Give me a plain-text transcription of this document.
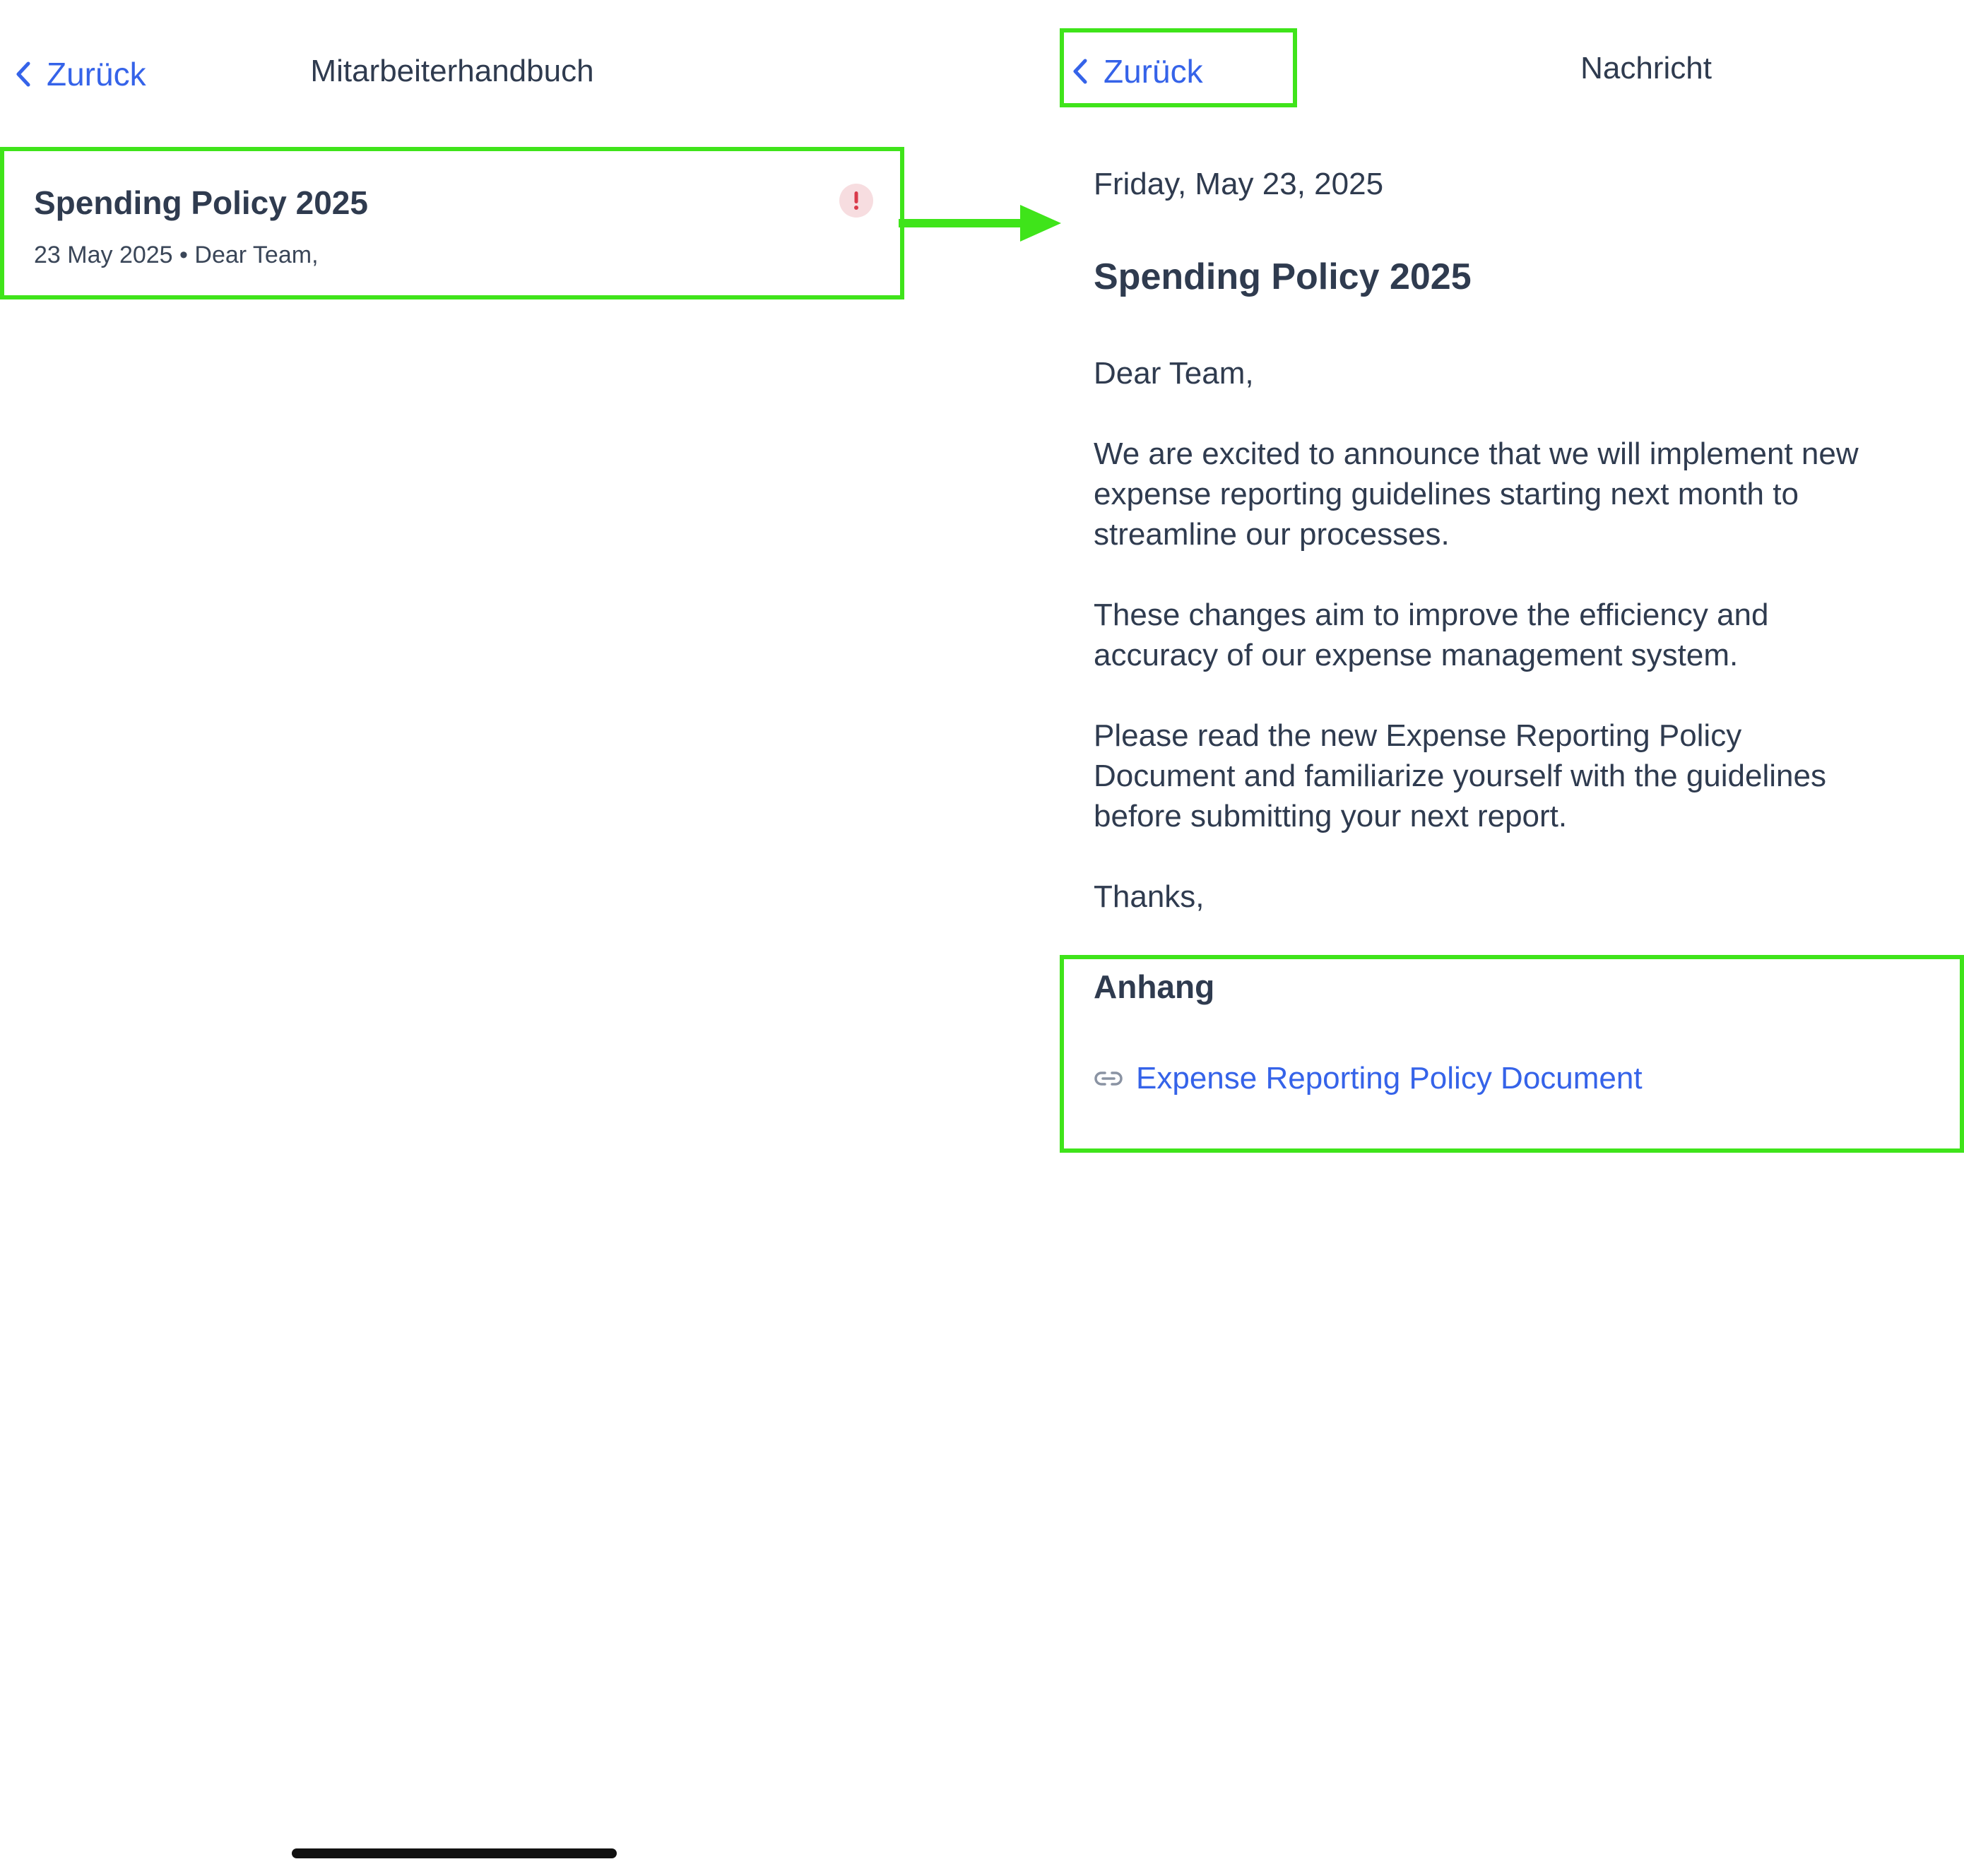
Zurück	Mitarbeiterhandbuch
Spending Policy 2025
23 May 2025 • Dear Team,
Zurück	Nachricht
Friday, May 23, 2025
Spending Policy 2025
Dear Team,
We are excited to announce that we will implement new
expense reporting guidelines starting next month to
streamline our processes.
These changes aim to improve the efficiency and
accuracy of our expense management system.
Please read the new Expense Reporting Policy
Document and familiarize yourself with the guidelines
before submitting your next report.
Thanks,
Anhang
Expense Reporting Policy Document
